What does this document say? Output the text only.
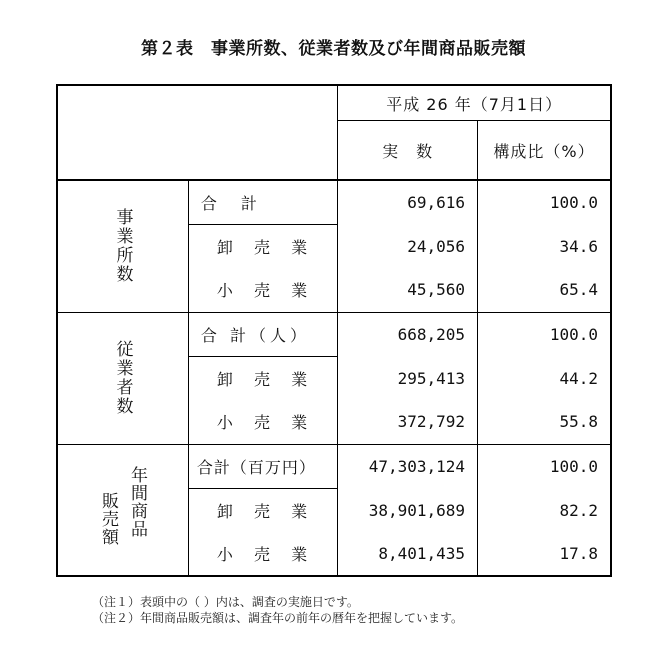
第２表　事業所数、従業者数及び年間商品販売額
		平成 26 年（7月1日）	
		実　数	構成比（%）

事業所数	合　計	69,616	100.0
	卸 売 業	24,056	34.6
	小 売 業	45,560	65.4

従業者数	合 計（人）	668,205	100.0
	卸 売 業	295,413	44.2
	小 売 業	372,792	55.8

販売額 年間商品	合計（百万円）	47,303,124	100.0
	卸 売 業	38,901,689	82.2
	小 売 業	8,401,435	17.8
（注１）表頭中の（ ）内は、調査の実施日です。
（注２）年間商品販売額は、調査年の前年の暦年を把握しています。
